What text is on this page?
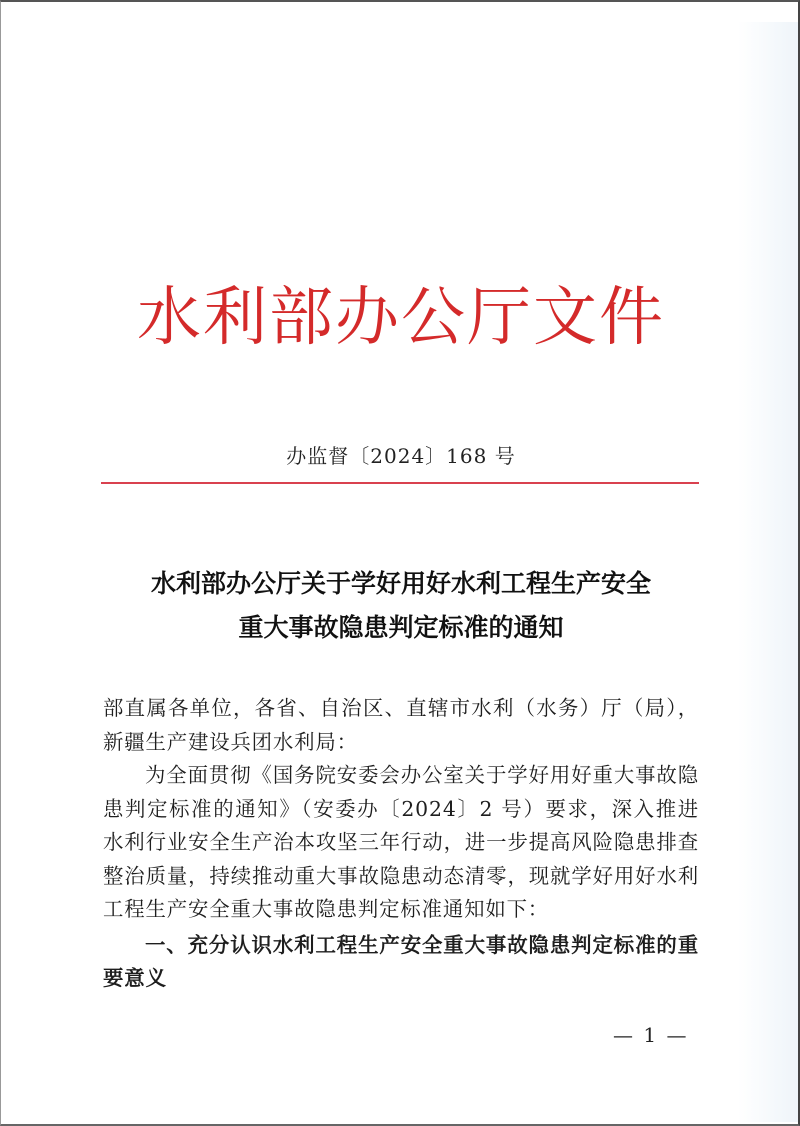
水利部办公厅文件
办监督〔2024〕168 号
水利部办公厅关于学好用好水利工程生产安全
重大事故隐患判定标准的通知

部直属各单位，各省、自治区、直辖市水利（水务）厅（局），新疆生产建设兵团水利局：

为全面贯彻《国务院安委会办公室关于学好用好重大事故隐患判定标准的通知》（安委办〔2024〕2 号）要求，深入推进水利行业安全生产治本攻坚三年行动，进一步提高风险隐患排查整治质量，持续推动重大事故隐患动态清零，现就学好用好水利工程生产安全重大事故隐患判定标准通知如下：

一、充分认识水利工程生产安全重大事故隐患判定标准的重要意义

— 1 —
